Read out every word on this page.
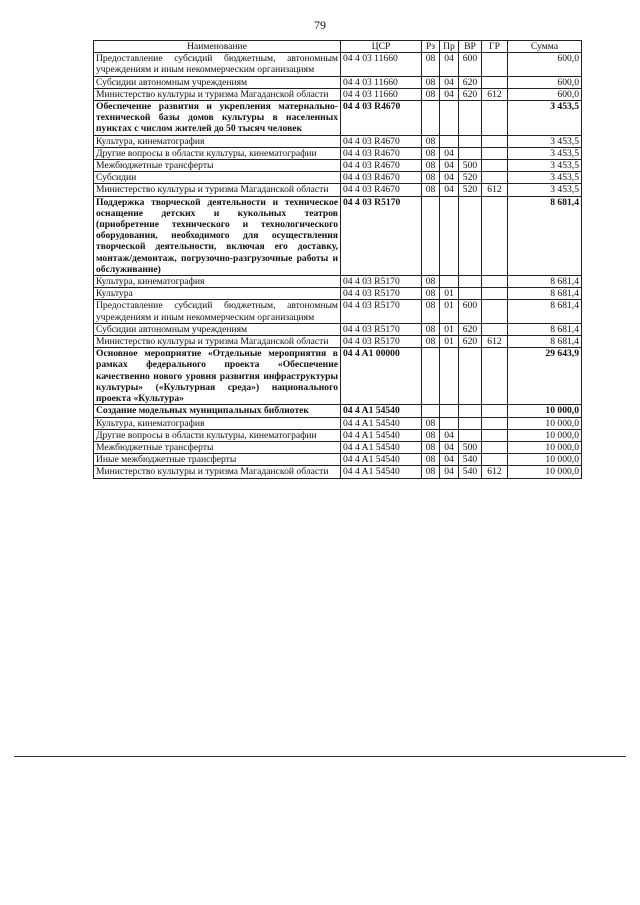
79
Наименование	ЦСР	Рз	Пр	ВР	ГР	Сумма
Предоставление субсидий бюджетным, автономным учреждениям и иным некоммерческим организациям	04 4 03 11660	08	04	600		600,0
Субсидии автономным учреждениям	04 4 03 11660	08	04	620		600,0
Министерство культуры и туризма Магаданской области	04 4 03 11660	08	04	620	612	600,0
Обеспечение развития и укрепления материально-технической базы домов культуры в населенных пунктах с числом жителей до 50 тысяч человек	04 4 03 R4670					3 453,5
Культура, кинематография	04 4 03 R4670	08				3 453,5
Другие вопросы в области культуры, кинематографии	04 4 03 R4670	08	04			3 453,5
Межбюджетные трансферты	04 4 03 R4670	08	04	500		3 453,5
Субсидии	04 4 03 R4670	08	04	520		3 453,5
Министерство культуры и туризма Магаданской области	04 4 03 R4670	08	04	520	612	3 453,5
Поддержка творческой деятельности и техническое оснащение детских и кукольных театров (приобретение технического и технологического оборудования, необходимого для осуществления творческой деятельности, включая его доставку, монтаж/демонтаж, погрузочно-разгрузочные работы и обслуживание)	04 4 03 R5170					8 681,4
Культура, кинематография	04 4 03 R5170	08				8 681,4
Культура	04 4 03 R5170	08	01			8 681,4
Предоставление субсидий бюджетным, автономным учреждениям и иным некоммерческим организациям	04 4 03 R5170	08	01	600		8 681,4
Субсидии автономным учреждениям	04 4 03 R5170	08	01	620		8 681,4
Министерство культуры и туризма Магаданской области	04 4 03 R5170	08	01	620	612	8 681,4
Основное мероприятие «Отдельные мероприятия в рамках федерального проекта «Обеспечение качественно нового уровня развития инфраструктуры культуры» («Культурная среда») национального проекта «Культура»	04 4 A1 00000					29 643,9
Создание модельных муниципальных библиотек	04 4 A1 54540					10 000,0
Культура, кинематография	04 4 A1 54540	08				10 000,0
Другие вопросы в области культуры, кинематографии	04 4 A1 54540	08	04			10 000,0
Межбюджетные трансферты	04 4 A1 54540	08	04	500		10 000,0
Иные межбюджетные трансферты	04 4 A1 54540	08	04	540		10 000,0
Министерство культуры и туризма Магаданской области	04 4 A1 54540	08	04	540	612	10 000,0
